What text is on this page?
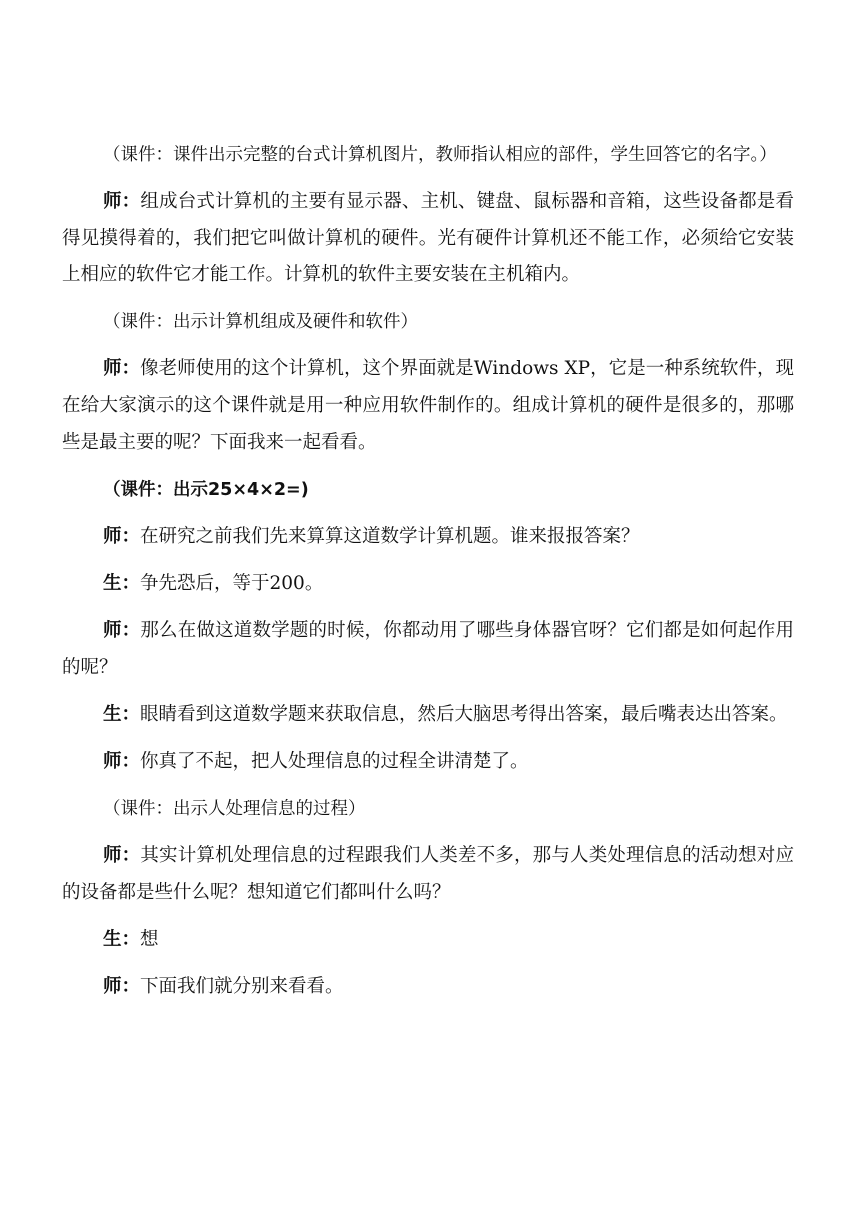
（课件：课件出示完整的台式计算机图片，教师指认相应的部件，学生回答它的名字。）

师：组成台式计算机的主要有显示器、主机、键盘、鼠标器和音箱，这些设备都是看得见摸得着的，我们把它叫做计算机的硬件。光有硬件计算机还不能工作，必须给它安装上相应的软件它才能工作。计算机的软件主要安装在主机箱内。

（课件：出示计算机组成及硬件和软件）

师：像老师使用的这个计算机，这个界面就是Windows XP，它是一种系统软件，现在给大家演示的这个课件就是用一种应用软件制作的。组成计算机的硬件是很多的，那哪些是最主要的呢？下面我来一起看看。

（课件：出示25×4×2=)

师：在研究之前我们先来算算这道数学计算机题。谁来报报答案？

生：争先恐后，等于200。

师：那么在做这道数学题的时候，你都动用了哪些身体器官呀？它们都是如何起作用的呢？

生：眼睛看到这道数学题来获取信息，然后大脑思考得出答案，最后嘴表达出答案。

师：你真了不起，把人处理信息的过程全讲清楚了。

（课件：出示人处理信息的过程）

师：其实计算机处理信息的过程跟我们人类差不多，那与人类处理信息的活动想对应的设备都是些什么呢？想知道它们都叫什么吗？

生：想

师：下面我们就分别来看看。
